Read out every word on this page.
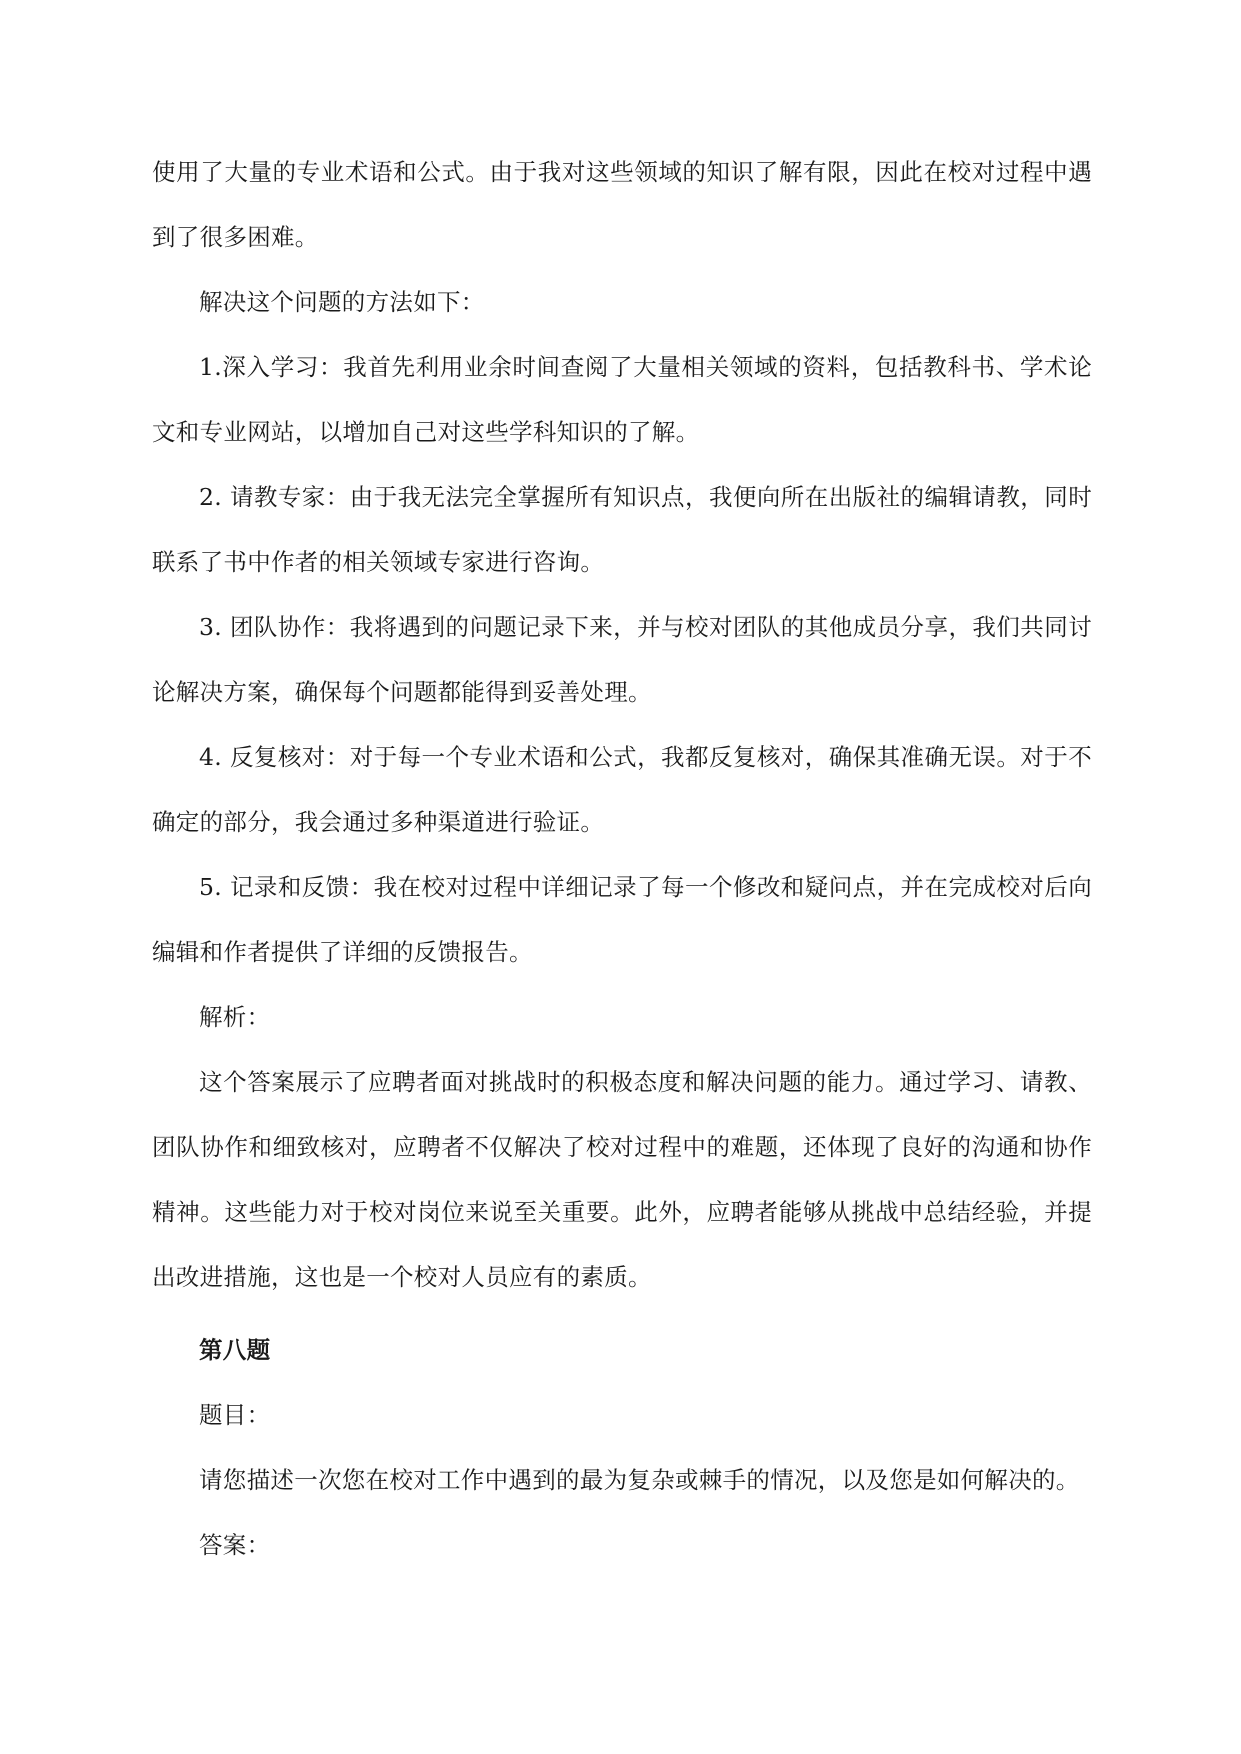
使用了大量的专业术语和公式。由于我对这些领域的知识了解有限，因此在校对过程中遇到了很多困难。

解决这个问题的方法如下：

1.深入学习：我首先利用业余时间查阅了大量相关领域的资料，包括教科书、学术论文和专业网站，以增加自己对这些学科知识的了解。

2. 请教专家：由于我无法完全掌握所有知识点，我便向所在出版社的编辑请教，同时联系了书中作者的相关领域专家进行咨询。

3. 团队协作：我将遇到的问题记录下来，并与校对团队的其他成员分享，我们共同讨论解决方案，确保每个问题都能得到妥善处理。

4. 反复核对：对于每一个专业术语和公式，我都反复核对，确保其准确无误。对于不确定的部分，我会通过多种渠道进行验证。

5. 记录和反馈：我在校对过程中详细记录了每一个修改和疑问点，并在完成校对后向编辑和作者提供了详细的反馈报告。

解析：

这个答案展示了应聘者面对挑战时的积极态度和解决问题的能力。通过学习、请教、团队协作和细致核对，应聘者不仅解决了校对过程中的难题，还体现了良好的沟通和协作精神。这些能力对于校对岗位来说至关重要。此外，应聘者能够从挑战中总结经验，并提出改进措施，这也是一个校对人员应有的素质。

第八题

题目：

请您描述一次您在校对工作中遇到的最为复杂或棘手的情况，以及您是如何解决的。

答案：
